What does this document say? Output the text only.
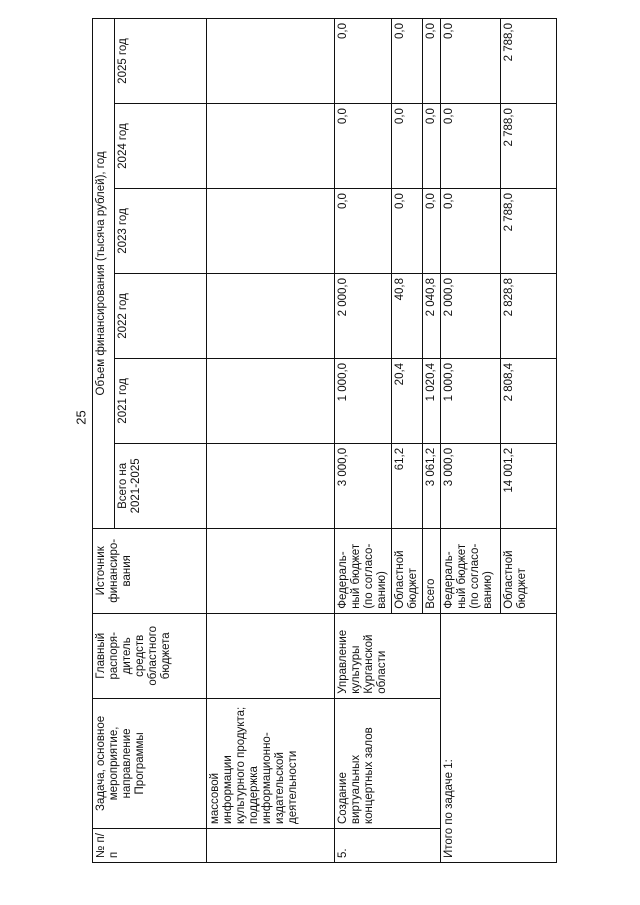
25
№ п/п	Задача, основное мероприятие, направление Программы	Главный распоря-дитель средств областного бюджета	Источник финансиро-вания	Объем финансирования (тысяча рублей), год					
				Всего на 2021-2025	2021 год	2022 год	2023 год	2024 год	2025 год
	массовой информации культурного продукта; поддержка информационно-издательской деятельности								
5.	Создание виртуальных концертных залов	Управление культуры Курганской области	Федераль-ный бюджет (по согласо-ванию)	3 000,0	1 000,0	2 000,0	0,0	0,0	0,0
			Областной бюджет	61,2	20,4	40,8	0,0	0,0	0,0
			Всего	3 061,2	1 020,4	2 040,8	0,0	0,0	0,0
Итого по задаче 1:			Федераль-ный бюджет (по согласо-ванию)	3 000,0	1 000,0	2 000,0	0,0	0,0	0,0
			Областной бюджет	14 001,2	2 808,4	2 828,8	2 788,0	2 788,0	2 788,0
